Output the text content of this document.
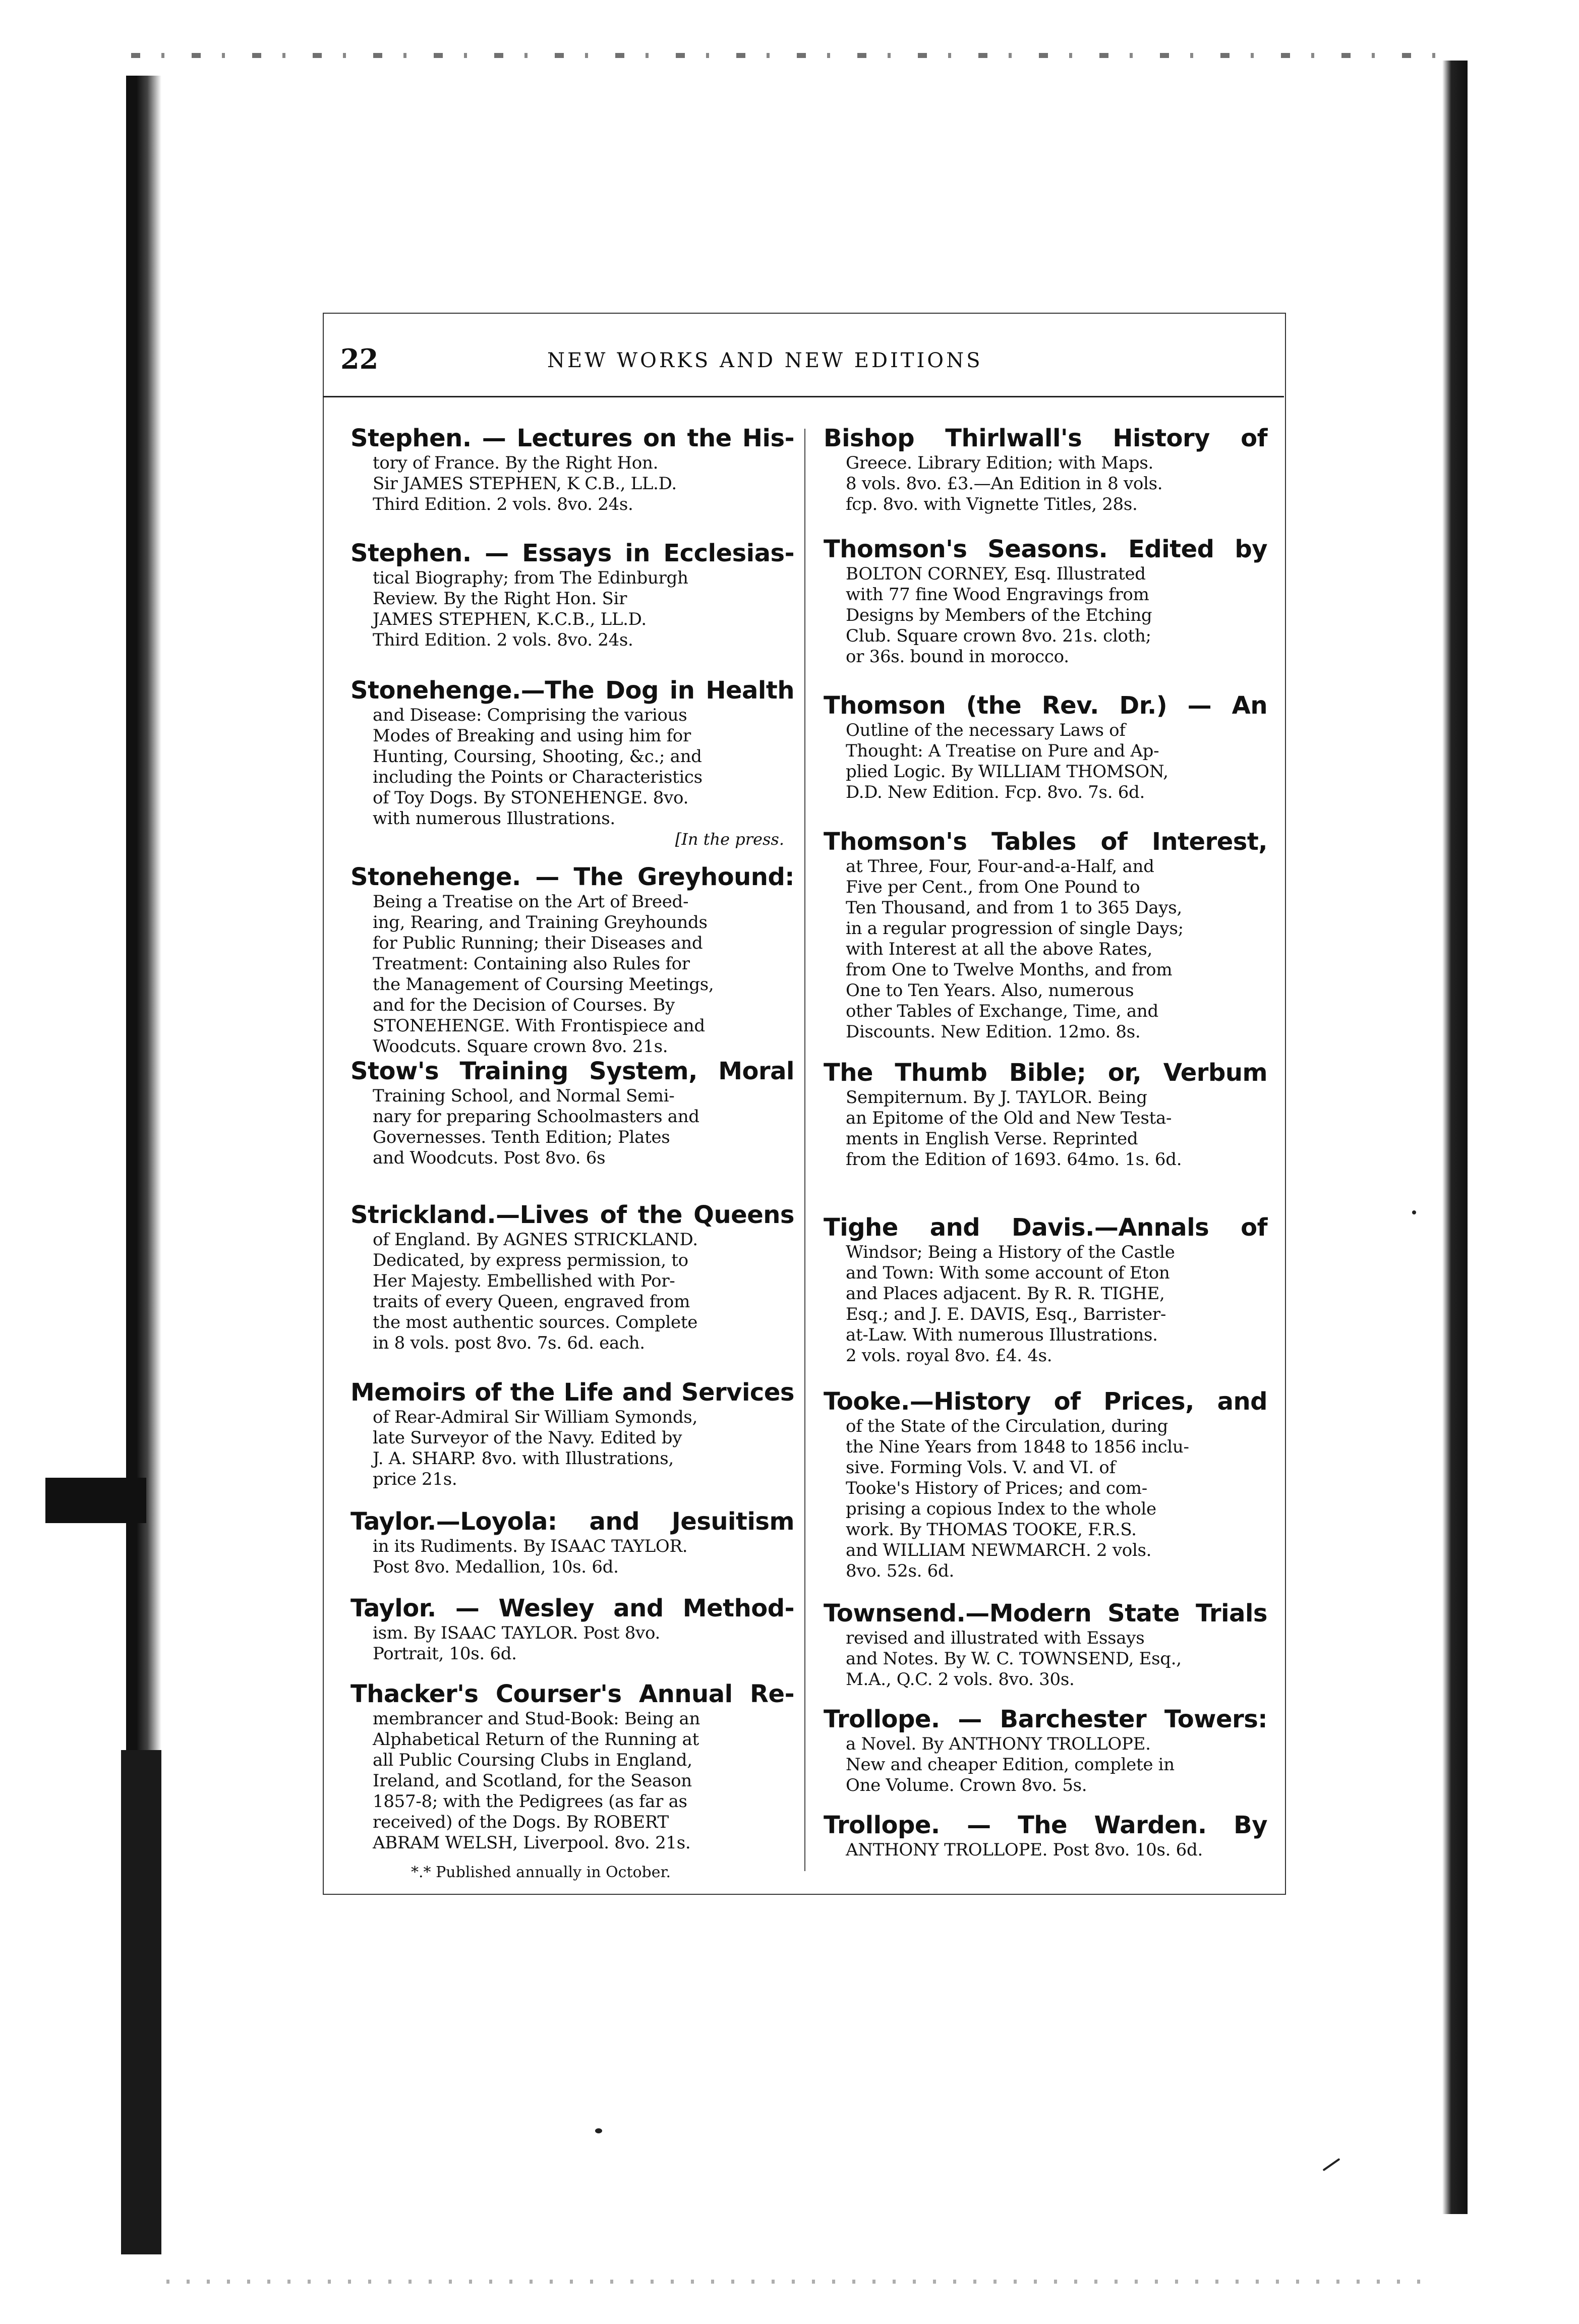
22	NEW WORKS AND NEW EDITIONS
Stephen. — Lectures on the His-
tory of France. By the Right Hon.
Sir JAMES STEPHEN, K C.B., LL.D.
Third Edition. 2 vols. 8vo. 24s.
Stephen. — Essays in Ecclesias-
tical Biography; from The Edinburgh
Review. By the Right Hon. Sir
JAMES STEPHEN, K.C.B., LL.D.
Third Edition. 2 vols. 8vo. 24s.
Stonehenge.—The Dog in Health
and Disease: Comprising the various
Modes of Breaking and using him for
Hunting, Coursing, Shooting, &c.; and
including the Points or Characteristics
of Toy Dogs. By STONEHENGE. 8vo.
with numerous Illustrations.
[In the press.
Stonehenge. — The Greyhound:
Being a Treatise on the Art of Breed-
ing, Rearing, and Training Greyhounds
for Public Running; their Diseases and
Treatment: Containing also Rules for
the Management of Coursing Meetings,
and for the Decision of Courses. By
STONEHENGE. With Frontispiece and
Woodcuts. Square crown 8vo. 21s.
Stow's Training System, Moral
Training School, and Normal Semi-
nary for preparing Schoolmasters and
Governesses. Tenth Edition; Plates
and Woodcuts. Post 8vo. 6s
Strickland.—Lives of the Queens
of England. By AGNES STRICKLAND.
Dedicated, by express permission, to
Her Majesty. Embellished with Por-
traits of every Queen, engraved from
the most authentic sources. Complete
in 8 vols. post 8vo. 7s. 6d. each.
Memoirs of the Life and Services
of Rear-Admiral Sir William Symonds,
late Surveyor of the Navy. Edited by
J. A. SHARP. 8vo. with Illustrations,
price 21s.
Taylor.—Loyola: and Jesuitism
in its Rudiments. By ISAAC TAYLOR.
Post 8vo. Medallion, 10s. 6d.
Taylor. — Wesley and Method-
ism. By ISAAC TAYLOR. Post 8vo.
Portrait, 10s. 6d.
Thacker's Courser's Annual Re-
membrancer and Stud-Book: Being an
Alphabetical Return of the Running at
all Public Coursing Clubs in England,
Ireland, and Scotland, for the Season
1857-8; with the Pedigrees (as far as
received) of the Dogs. By ROBERT
ABRAM WELSH, Liverpool. 8vo. 21s.
*.* Published annually in October.
Bishop Thirlwall's History of
Greece. Library Edition; with Maps.
8 vols. 8vo. £3.—An Edition in 8 vols.
fcp. 8vo. with Vignette Titles, 28s.
Thomson's Seasons. Edited by
BOLTON CORNEY, Esq. Illustrated
with 77 fine Wood Engravings from
Designs by Members of the Etching
Club. Square crown 8vo. 21s. cloth;
or 36s. bound in morocco.
Thomson (the Rev. Dr.) — An
Outline of the necessary Laws of
Thought: A Treatise on Pure and Ap-
plied Logic. By WILLIAM THOMSON,
D.D. New Edition. Fcp. 8vo. 7s. 6d.
Thomson's Tables of Interest,
at Three, Four, Four-and-a-Half, and
Five per Cent., from One Pound to
Ten Thousand, and from 1 to 365 Days,
in a regular progression of single Days;
with Interest at all the above Rates,
from One to Twelve Months, and from
One to Ten Years. Also, numerous
other Tables of Exchange, Time, and
Discounts. New Edition. 12mo. 8s.
The Thumb Bible; or, Verbum
Sempiternum. By J. TAYLOR. Being
an Epitome of the Old and New Testa-
ments in English Verse. Reprinted
from the Edition of 1693. 64mo. 1s. 6d.
Tighe and Davis.—Annals of
Windsor; Being a History of the Castle
and Town: With some account of Eton
and Places adjacent. By R. R. TIGHE,
Esq.; and J. E. DAVIS, Esq., Barrister-
at-Law. With numerous Illustrations.
2 vols. royal 8vo. £4. 4s.
Tooke.—History of Prices, and
of the State of the Circulation, during
the Nine Years from 1848 to 1856 inclu-
sive. Forming Vols. V. and VI. of
Tooke's History of Prices; and com-
prising a copious Index to the whole
work. By THOMAS TOOKE, F.R.S.
and WILLIAM NEWMARCH. 2 vols.
8vo. 52s. 6d.
Townsend.—Modern State Trials
revised and illustrated with Essays
and Notes. By W. C. TOWNSEND, Esq.,
M.A., Q.C. 2 vols. 8vo. 30s.
Trollope. — Barchester Towers:
a Novel. By ANTHONY TROLLOPE.
New and cheaper Edition, complete in
One Volume. Crown 8vo. 5s.
Trollope. — The Warden. By
ANTHONY TROLLOPE. Post 8vo. 10s. 6d.
